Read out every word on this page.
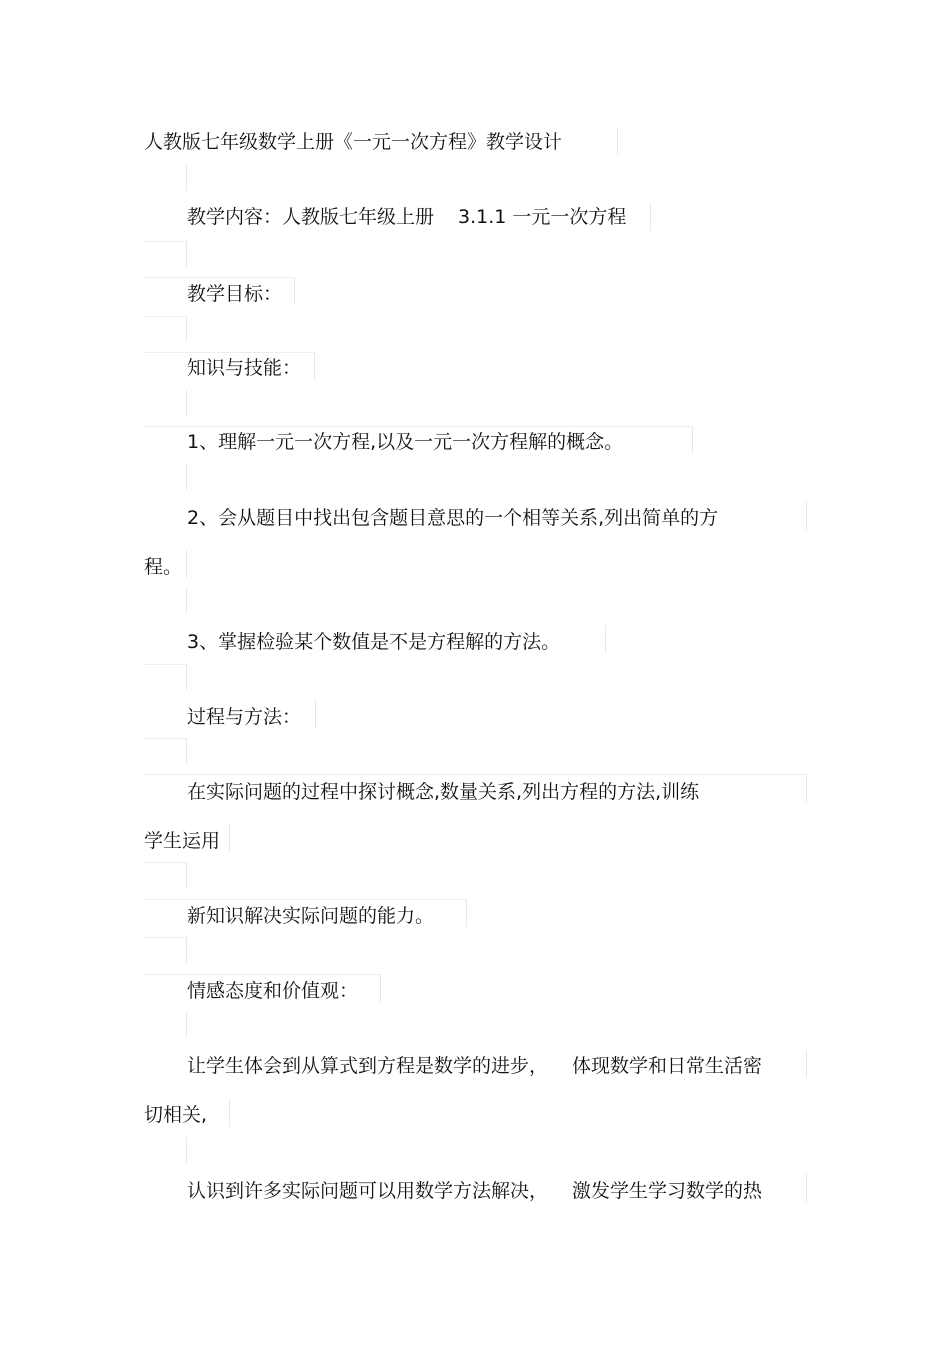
人教版七年级数学上册《一元一次方程》教学设计
教学内容：人教版七年级上册 3.1.1 一元一次方程
教学目标：
知识与技能：
1、理解一元一次方程,以及一元一次方程解的概念。
2、会从题目中找出包含题目意思的一个相等关系,列出简单的方
程。
3、掌握检验某个数值是不是方程解的方法。
过程与方法：
在实际问题的过程中探讨概念,数量关系,列出方程的方法,训练
学生运用
新知识解决实际问题的能力。
情感态度和价值观：
让学生体会到从算式到方程是数学的进步， 体现数学和日常生活密
切相关,
认识到许多实际问题可以用数学方法解决， 激发学生学习数学的热
